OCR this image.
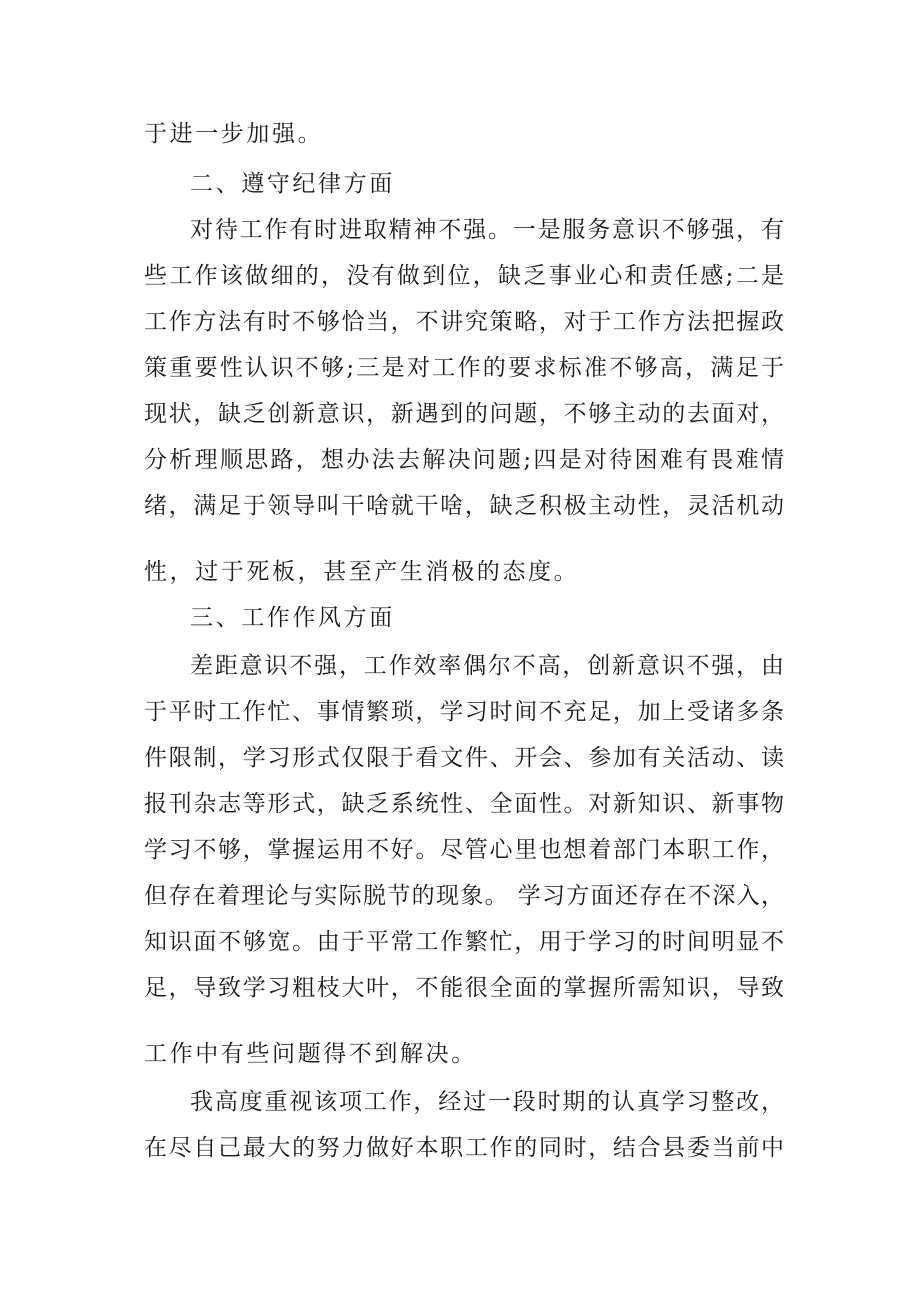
于进一步加强。
二、遵守纪律方面
对待工作有时进取精神不强。一是服务意识不够强，有
些工作该做细的，没有做到位，缺乏事业心和责任感;二是
工作方法有时不够恰当，不讲究策略，对于工作方法把握政
策重要性认识不够;三是对工作的要求标准不够高，满足于
现状，缺乏创新意识，新遇到的问题，不够主动的去面对，
分析理顺思路，想办法去解决问题;四是对待困难有畏难情
绪，满足于领导叫干啥就干啥，缺乏积极主动性，灵活机动
性，过于死板，甚至产生消极的态度。
三、工作作风方面
差距意识不强，工作效率偶尔不高，创新意识不强，由
于平时工作忙、事情繁琐，学习时间不充足，加上受诸多条
件限制，学习形式仅限于看文件、开会、参加有关活动、读
报刊杂志等形式，缺乏系统性、全面性。对新知识、新事物
学习不够，掌握运用不好。尽管心里也想着部门本职工作，
但存在着理论与实际脱节的现象。 学习方面还存在不深入，
知识面不够宽。由于平常工作繁忙，用于学习的时间明显不
足，导致学习粗枝大叶，不能很全面的掌握所需知识，导致
工作中有些问题得不到解决。
我高度重视该项工作，经过一段时期的认真学习整改，
在尽自己最大的努力做好本职工作的同时，结合县委当前中
